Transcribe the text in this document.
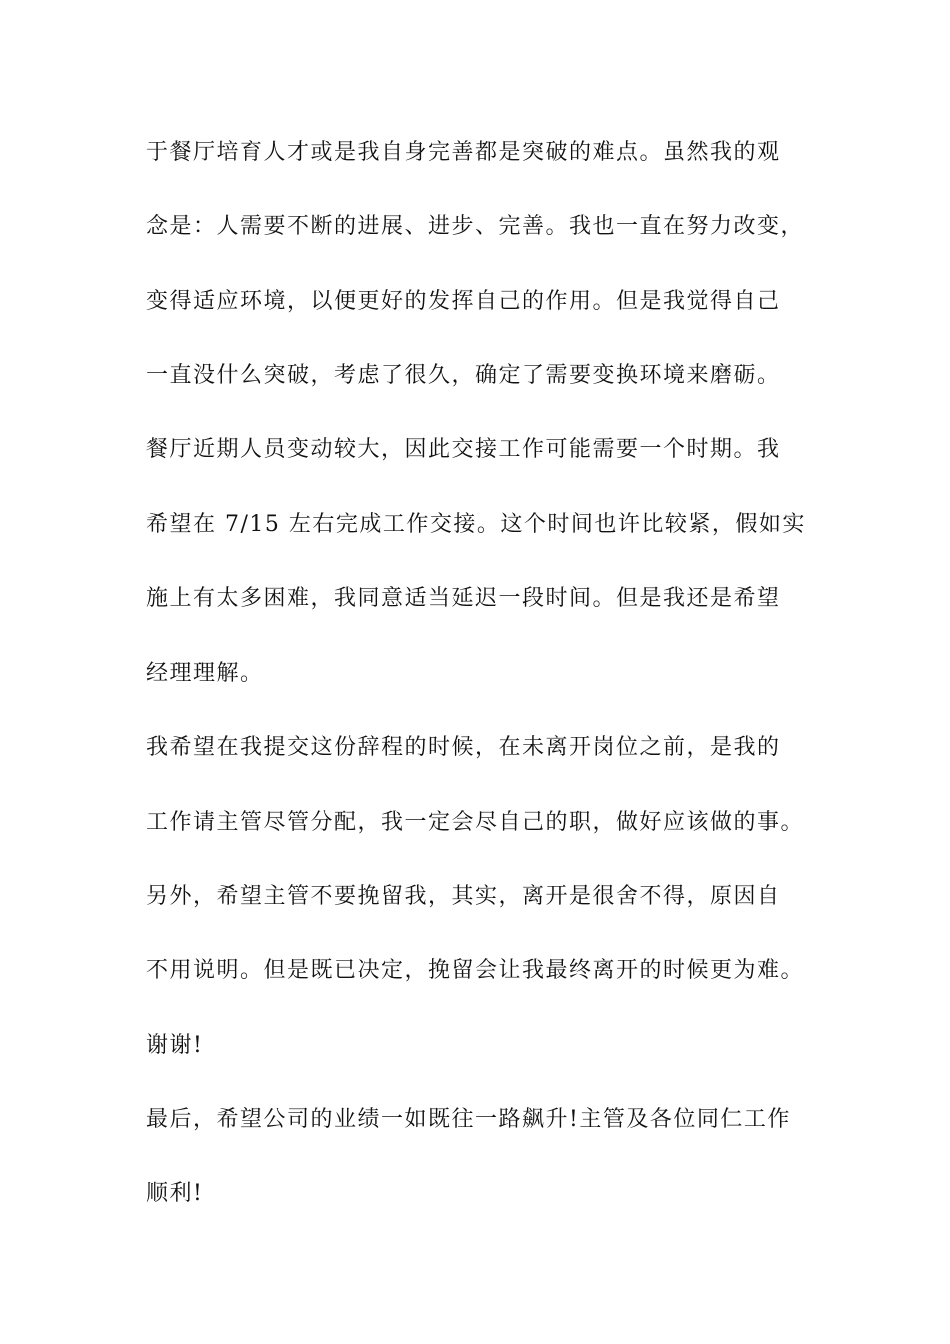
于餐厅培育人才或是我自身完善都是突破的难点。虽然我的观
念是：人需要不断的进展、进步、完善。我也一直在努力改变，
变得适应环境，以便更好的发挥自己的作用。但是我觉得自己
一直没什么突破，考虑了很久，确定了需要变换环境来磨砺。
餐厅近期人员变动较大，因此交接工作可能需要一个时期。我
希望在 7/15 左右完成工作交接。这个时间也许比较紧，假如实
施上有太多困难，我同意适当延迟一段时间。但是我还是希望
经理理解。
我希望在我提交这份辞程的时候，在未离开岗位之前，是我的
工作请主管尽管分配，我一定会尽自己的职，做好应该做的事。
另外，希望主管不要挽留我，其实，离开是很舍不得，原因自
不用说明。但是既已决定，挽留会让我最终离开的时候更为难。
谢谢!
最后，希望公司的业绩一如既往一路飙升!主管及各位同仁工作
顺利!
